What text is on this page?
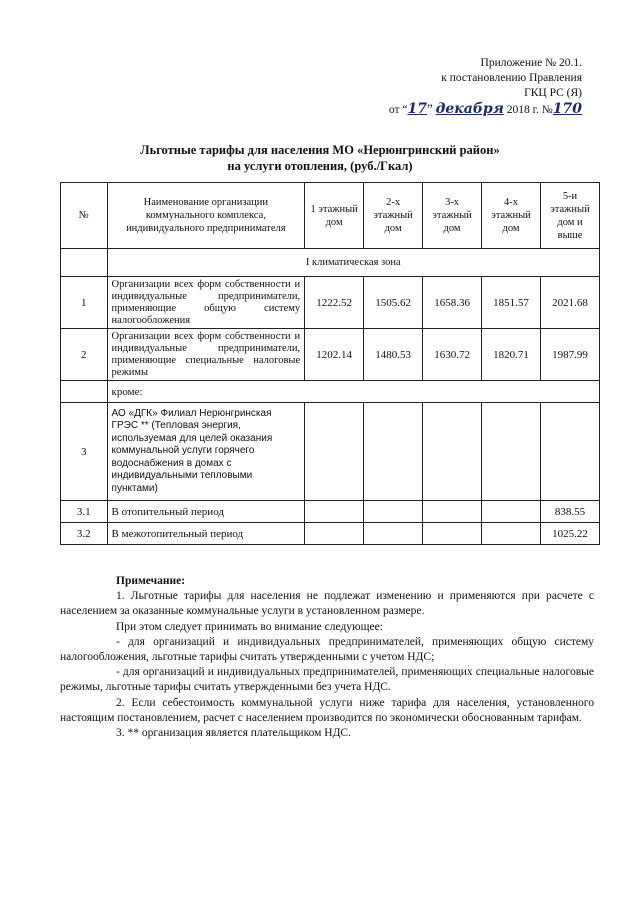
Приложение № 20.1.
к постановлению Правления
ГКЦ РС (Я)
от “17” декабря 2018 г. №170
Льготные тарифы для населения МО «Нерюнгринский район»
на услуги отопления, (руб./Гкал)
№	Наименование организации коммунального комплекса, индивидуального предпринимателя	1 этажный дом	2-х этажный дом	3-х этажный дом	4-х этажный дом	5-и этажный дом и выше
	I климатическая зона					
1	Организации всех форм собственности и индивидуальные предприниматели, применяющие общую систему налогообложения	1222.52	1505.62	1658.36	1851.57	2021.68
2	Организации всех форм собственности и индивидуальные предприниматели, применяющие специальные налоговые режимы	1202.14	1480.53	1630.72	1820.71	1987.99
	кроме:					
3	АО «ДГК» Филиал Нерюнгринская ГРЭС ** (Тепловая энергия, используемая для целей оказания коммунальной услуги горячего водоснабжения в домах с индивидуальными тепловыми пунктами)					
3.1	В отопительный период					838.55
3.2	В межотопительный период					1025.22

Примечание:

1. Льготные тарифы для населения не подлежат изменению и применяются при расчете с населением за оказанные коммунальные услуги в установленном размере.

При этом следует принимать во внимание следующее:

- для организаций и индивидуальных предпринимателей, применяющих общую систему налогообложения, льготные тарифы считать утвержденными с учетом НДС;

- для организаций и индивидуальных предпринимателей, применяющих специальные налоговые режимы, льготные тарифы считать утвержденными без учета НДС.

2. Если себестоимость коммунальной услуги ниже тарифа для населения, установленного настоящим постановлением, расчет с населением производится по экономически обоснованным тарифам.

3. ** организация является плательщиком НДС.
